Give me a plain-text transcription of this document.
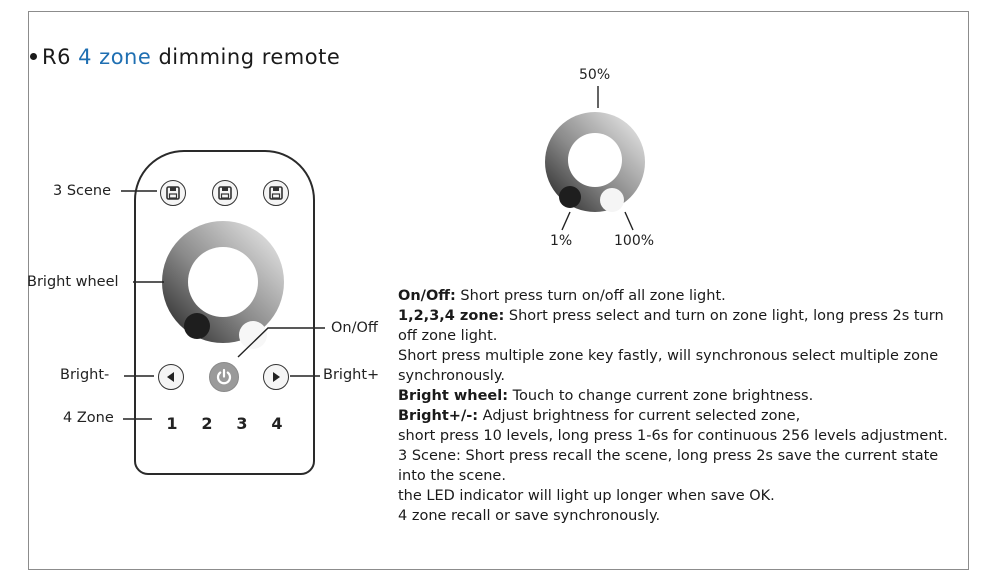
R6 4 zone dimming remote
1 2 3 4
3 Scene
Bright wheel
On/Off
Bright-	Bright+
4 Zone
50%
1%	100%

On/Off: Short press turn on/off all zone light.

1,2,3,4 zone: Short press select and turn on zone light, long press 2s turn off zone light.

Short press multiple zone key fastly, will synchronous select multiple zone synchronously.

Bright wheel: Touch to change current zone brightness.

Bright+/-: Adjust brightness for current selected zone,

short press 10 levels, long press 1-6s for continuous 256 levels adjustment.

3 Scene: Short press recall the scene, long press 2s save the current state into the scene.

the LED indicator will light up longer when save OK.

4 zone recall or save synchronously.
